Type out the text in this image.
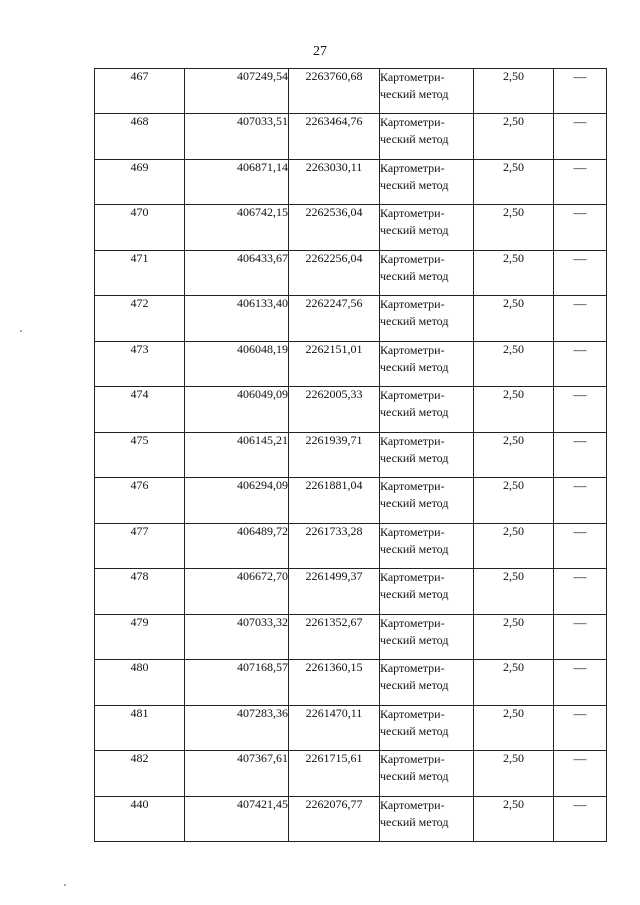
27
467	407249,54	2263760,68	Картометри-
ческий метод	2,50	—
468	407033,51	2263464,76	Картометри-
ческий метод	2,50	—
469	406871,14	2263030,11	Картометри-
ческий метод	2,50	—
470	406742,15	2262536,04	Картометри-
ческий метод	2,50	—
471	406433,67	2262256,04	Картометри-
ческий метод	2,50	—
472	406133,40	2262247,56	Картометри-
ческий метод	2,50	—
473	406048,19	2262151,01	Картометри-
ческий метод	2,50	—
474	406049,09	2262005,33	Картометри-
ческий метод	2,50	—
475	406145,21	2261939,71	Картометри-
ческий метод	2,50	—
476	406294,09	2261881,04	Картометри-
ческий метод	2,50	—
477	406489,72	2261733,28	Картометри-
ческий метод	2,50	—
478	406672,70	2261499,37	Картометри-
ческий метод	2,50	—
479	407033,32	2261352,67	Картометри-
ческий метод	2,50	—
480	407168,57	2261360,15	Картометри-
ческий метод	2,50	—
481	407283,36	2261470,11	Картометри-
ческий метод	2,50	—
482	407367,61	2261715,61	Картометри-
ческий метод	2,50	—
440	407421,45	2262076,77	Картометри-
ческий метод	2,50	—
